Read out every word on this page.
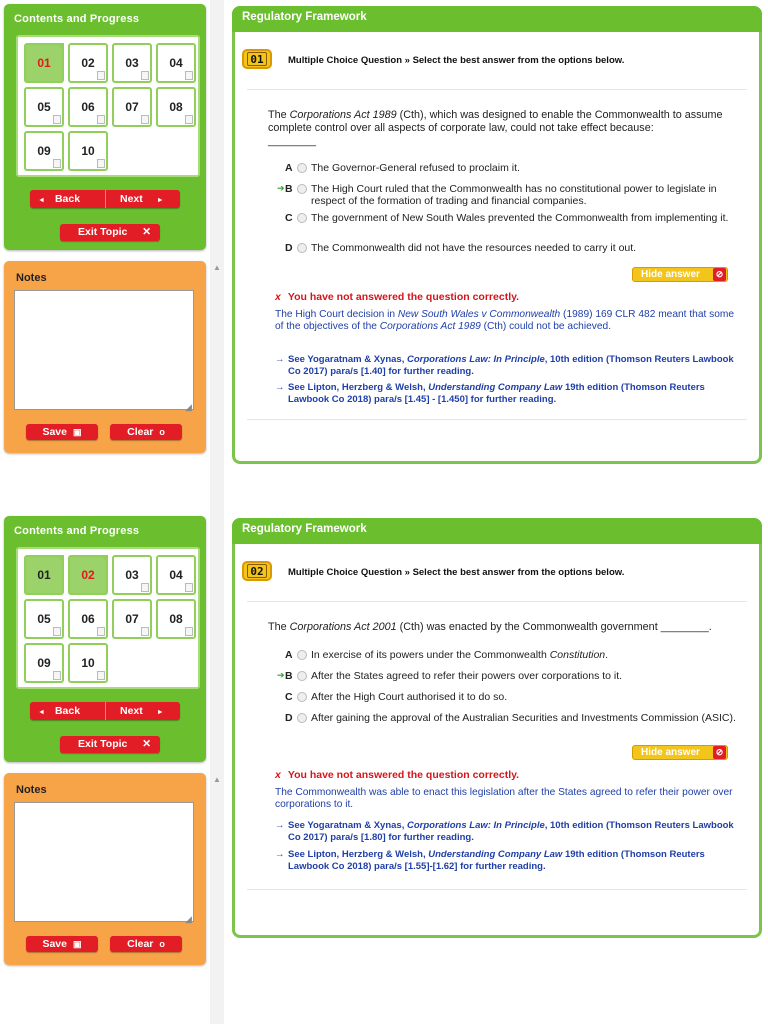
▲
▲
Contents and Progress
01	02	03	04
05	06	07	08
09	10
◄ Back	Next ►
Exit Topic ✕
Notes
◢
Save ▣	Clear o
Regulatory Framework
01	Multiple Choice Question » Select the best answer from the options below.
The Corporations Act 1989 (Cth), which was designed to enable the Commonwealth to assume complete control over all aspects of corporate law, could not take effect because:
________
A The Governor-General refused to proclaim it.
➔ B The High Court ruled that the Commonwealth has no constitutional power to legislate in respect of the formation of trading and financial companies.
C The government of New South Wales prevented the Commonwealth from implementing it.
D The Commonwealth did not have the resources needed to carry it out.
Hide answer	⊘
x You have not answered the question correctly.
The High Court decision in New South Wales v Commonwealth (1989) 169 CLR 482 meant that some of the objectives of the Corporations Act 1989 (Cth) could not be achieved.
→ See Yogaratnam & Xynas, Corporations Law: In Principle, 10th edition (Thomson Reuters Lawbook Co 2017) para/s [1.40] for further reading.
→ See Lipton, Herzberg & Welsh, Understanding Company Law 19th edition (Thomson Reuters Lawbook Co 2018) para/s [1.45] - [1.450] for further reading.
Contents and Progress
01	02	03	04
05	06	07	08
09	10
◄ Back	Next ►
Exit Topic ✕
Notes
◢
Save ▣	Clear o
Regulatory Framework
02	Multiple Choice Question » Select the best answer from the options below.
The Corporations Act 2001 (Cth) was enacted by the Commonwealth government ________.
A In exercise of its powers under the Commonwealth Constitution.
➔ B After the States agreed to refer their powers over corporations to it.
C After the High Court authorised it to do so.
D After gaining the approval of the Australian Securities and Investments Commission (ASIC).
Hide answer	⊘
x You have not answered the question correctly.
The Commonwealth was able to enact this legislation after the States agreed to refer their power over corporations to it.
→ See Yogaratnam & Xynas, Corporations Law: In Principle, 10th edition (Thomson Reuters Lawbook Co 2017) para/s [1.80] for further reading.
→ See Lipton, Herzberg & Welsh, Understanding Company Law 19th edition (Thomson Reuters Lawbook Co 2018) para/s [1.55]-[1.62] for further reading.
